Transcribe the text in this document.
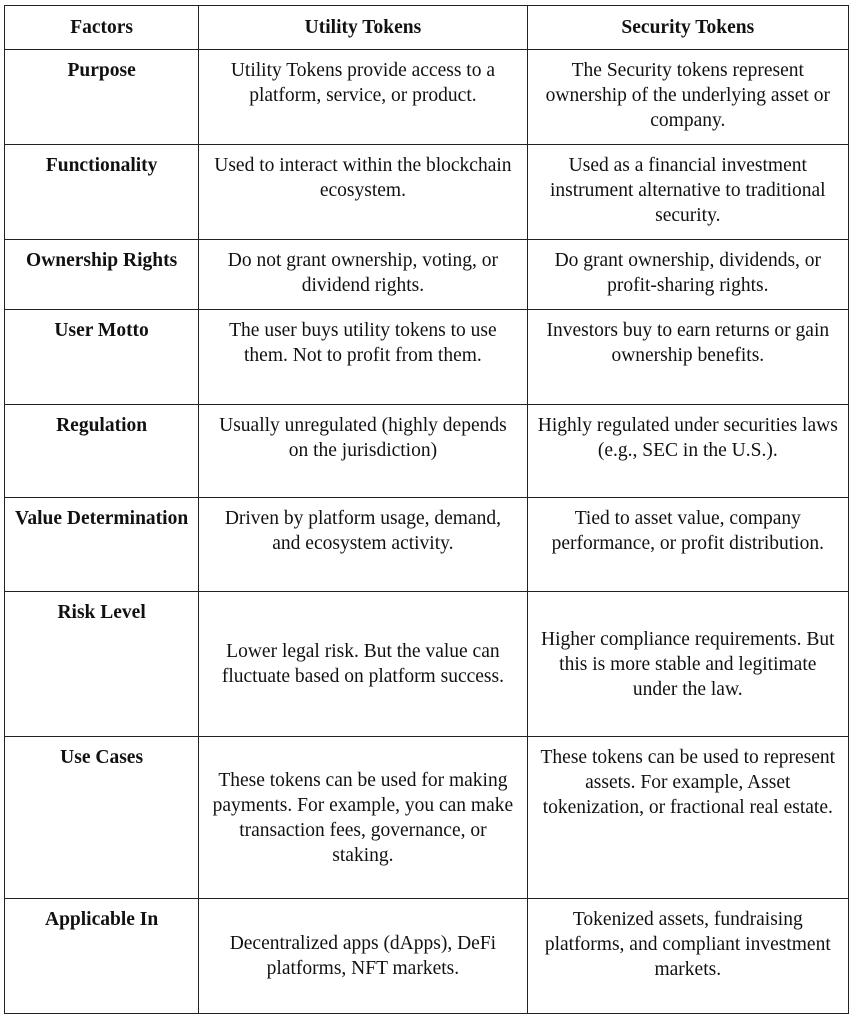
Factors	Utility Tokens	Security Tokens
Purpose	Utility Tokens provide access to a platform, service, or product.	The Security tokens represent ownership of the underlying asset or company.
Functionality	Used to interact within the blockchain ecosystem.	Used as a financial investment instrument alternative to traditional security.
Ownership Rights	Do not grant ownership, voting, or dividend rights.	Do grant ownership, dividends, or profit-sharing rights.
User Motto	The user buys utility tokens to use them. Not to profit from them.	Investors buy to earn returns or gain ownership benefits.
Regulation	Usually unregulated (highly depends on the jurisdiction)	Highly regulated under securities laws (e.g., SEC in the U.S.).
Value Determination	Driven by platform usage, demand, and ecosystem activity.	Tied to asset value, company performance, or profit distribution.
Risk Level	Lower legal risk. But the value can fluctuate based on platform success.	Higher compliance requirements. But this is more stable and legitimate under the law.
Use Cases	These tokens can be used for making payments. For example, you can make transaction fees, governance, or staking.	These tokens can be used to represent assets. For example, Asset tokenization, or fractional real estate.
Applicable In	Decentralized apps (dApps), DeFi platforms, NFT markets.	Tokenized assets, fundraising platforms, and compliant investment markets.
